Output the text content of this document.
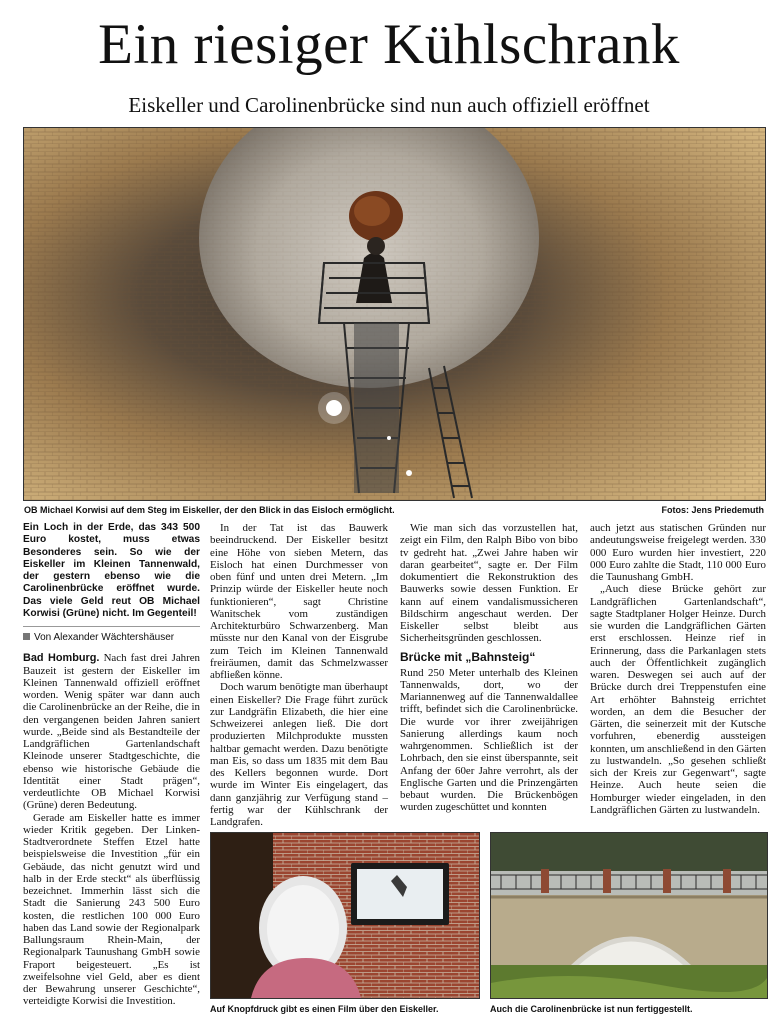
Ein riesiger Kühlschrank
Eiskeller und Carolinenbrücke sind nun auch offiziell eröffnet
OB Michael Korwisi auf dem Steg im Eiskeller, der den Blick in das Eisloch ermöglicht.	Fotos: Jens Priedemuth
Ein Loch in der Erde, das 343 500 Euro kostet, muss etwas Besonderes sein. So wie der Eiskeller im Kleinen Tannenwald, der gestern ebenso wie die Carolinenbrücke eröffnet wurde. Das viele Geld reut OB Michael Korwisi (Grüne) nicht. Im Gegenteil!
Von Alexander Wächtershäuser

Bad Homburg. Nach fast drei Jahren Bauzeit ist gestern der Eiskeller im Kleinen Tannenwald offiziell eröffnet worden. Wenig später war dann auch die Carolinenbrücke an der Reihe, die in den vergangenen beiden Jahren saniert wurde. „Beide sind als Bestandteile der Landgräflichen Gartenlandschaft Kleinode unserer Stadtgeschichte, die ebenso wie historische Gebäude die Identität einer Stadt prägen“, verdeutlichte OB Michael Korwisi (Grüne) deren Bedeutung.

Gerade am Eiskeller hatte es immer wieder Kritik gegeben. Der Linken-Stadtverordnete Steffen Etzel hatte beispielsweise die Investition „für ein Gebäude, das nicht genutzt wird und halb in der Erde steckt“ als überflüssig bezeichnet. Immerhin lässt sich die Stadt die Sanierung 243 500 Euro kosten, die restlichen 100 000 Euro haben das Land sowie der Regionalpark Ballungsraum Rhein-Main, der Regionalpark Taunushang GmbH sowie Fraport beigesteuert. „Es ist zweifelsohne viel Geld, aber es dient der Bewahrung unserer Geschichte“, verteidigte Korwisi die Investition.

In der Tat ist das Bauwerk beeindruckend. Der Eiskeller besitzt eine Höhe von sieben Metern, das Eisloch hat einen Durchmesser von oben fünf und unten drei Metern. „Im Prinzip würde der Eiskeller heute noch funktionieren“, sagt Christine Wanitschek vom zuständigen Architekturbüro Schwarzenberg. Man müsste nur den Kanal von der Eisgrube zum Teich im Kleinen Tannenwald freiräumen, damit das Schmelzwasser abfließen könne.

Doch warum benötigte man überhaupt einen Eiskeller? Die Frage führt zurück zur Landgräfin Elizabeth, die hier eine Schweizerei anlegen ließ. Die dort produzierten Milchprodukte mussten haltbar gemacht werden. Dazu benötigte man Eis, so dass um 1835 mit dem Bau des Kellers begonnen wurde. Dort wurde im Winter Eis eingelagert, das dann ganzjährig zur Verfügung stand – fertig war der Kühlschrank der Landgrafen.

Wie man sich das vorzustellen hat, zeigt ein Film, den Ralph Bibo von bibo tv gedreht hat. „Zwei Jahre haben wir daran gearbeitet“, sagte er. Der Film dokumentiert die Rekonstruktion des Bauwerks sowie dessen Funktion. Er kann auf einem vandalismussicheren Bildschirm angeschaut werden. Der Eiskeller selbst bleibt aus Sicherheitsgründen geschlossen.

Brücke mit „Bahnsteig“

Rund 250 Meter unterhalb des Kleinen Tannenwalds, dort, wo der Mariannenweg auf die Tannenwaldallee trifft, befindet sich die Carolinenbrücke. Die wurde vor ihrer zweijährigen Sanierung allerdings kaum noch wahrgenommen. Schließlich ist der Lohrbach, den sie einst überspannte, seit Anfang der 60er Jahre verrohrt, als der Englische Garten und die Prinzengärten bebaut wurden. Die Brückenbögen wurden zugeschüttet und konnten

auch jetzt aus statischen Gründen nur andeutungsweise freigelegt werden. 330 000 Euro wurden hier investiert, 220 000 Euro zahlte die Stadt, 110 000 Euro die Taunushang GmbH.

„Auch diese Brücke gehört zur Landgräflichen Gartenlandschaft“, sagte Stadtplaner Holger Heinze. Durch sie wurden die Landgräflichen Gärten erst erschlossen. Heinze rief in Erinnerung, dass die Parkanlagen stets auch der Öffentlichkeit zugänglich waren. Deswegen sei auch auf der Brücke durch drei Treppenstufen eine Art erhöhter Bahnsteig errichtet worden, an dem die Besucher der Gärten, die seinerzeit mit der Kutsche vorfuhren, ebenerdig aussteigen konnten, um anschließend in den Gärten zu lustwandeln. „So gesehen schließt sich der Kreis zur Gegenwart“, sagte Heinze. Auch heute seien die Homburger wieder eingeladen, in den Landgräflichen Gärten zu lustwandeln.

Auf Knopfdruck gibt es einen Film über den Eiskeller.	Auch die Carolinenbrücke ist nun fertiggestellt.
